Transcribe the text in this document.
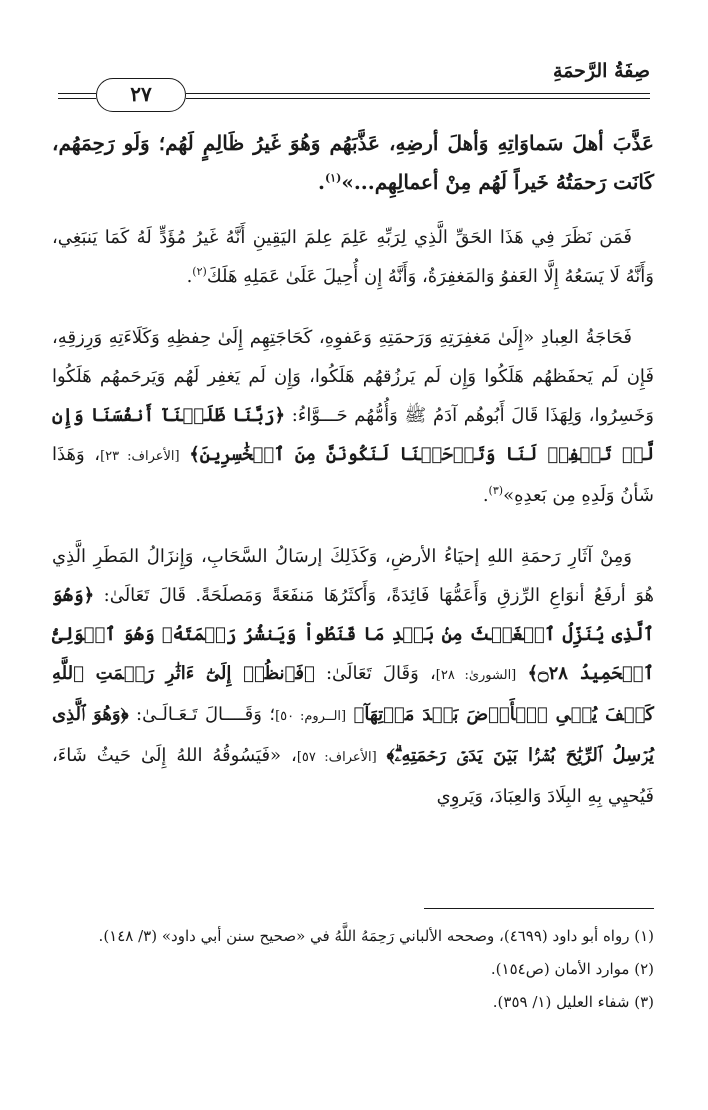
صِفَةُ الرَّحمَةِ
٢٧

عَذَّبَ أهلَ سَماوَاتِهِ وَأهلَ أرضِهِ، عَذَّبَهُم وَهُوَ غَيرُ ظَالِمٍ لَهُم؛ وَلَو رَحِمَهُم، كَانَت رَحمَتُهُ خَيراً لَهُم مِنْ أعمالِهِم...»$^{(١)}$.

فَمَن نَظَرَ فِي هَذَا الحَقِّ الَّذِي لِرَبِّهِ عَلِمَ عِلمَ اليَقِينِ أَنَّهُ غَيرُ مُؤَدٍّ لَهُ كَمَا يَنبَغِي، وَأَنَّهُ لَا يَسَعُهُ إِلَّا العَفوُ وَالمَغفِرَةُ، وَأَنَّهُ إِن أُحِيلَ عَلَىٰ عَمَلِهِ هَلَكَ$^{(٢)}$.

فَحَاجَةُ العِبادِ «إِلَىٰ مَغفِرَتِهِ وَرَحمَتِهِ وَعَفوِهِ، كَحَاجَتِهِم إِلَىٰ حِفظِهِ وَكَلَاءَتِهِ وَرِزقِهِ، فَإِن لَم يَحفَظهُم هَلَكُوا وَإِن لَم يَرزُقهُم هَلَكُوا، وَإِن لَم يَغفِر لَهُم وَيَرحَمهُم هَلَكُوا وَخَسِرُوا، وَلِهَذَا قَالَ أَبُوهُم آدَمُ ﷺ وَأُمُّهُم حَـــوَّاءُ: ﴿رَبَّنَا ظَلَمۡنَآ أَنفُسَنَا وَإِن لَّمۡ تَغۡفِرۡ لَنَا وَتَرۡحَمۡنَا لَنَكُونَنَّ مِنَ ٱلۡخَٰسِرِينَ﴾ [الأعراف: ٢٣]، وَهَذَا شَأنُ وَلَدِهِ مِن بَعدِهِ»$^{(٣)}$.

وَمِنْ آثَارِ رَحمَةِ اللهِ إحيَاءُ الأرضِ، وَكَذَلِكَ إرسَالُ السَّحَابِ، وَإِنزَالُ المَطَرِ الَّذِي هُوَ أرفَعُ أنوَاعِ الرِّزقِ وَأَعَمُّهَا فَائِدَةً، وَأَكثَرُهَا مَنفَعَةً وَمَصلَحَةً. قَالَ تَعَالَىٰ: ﴿وَهُوَ ٱلَّذِى يُنَزِّلُ ٱلۡغَيۡثَ مِنۢ بَعۡدِ مَا قَنَطُواْ وَيَنشُرُ رَحۡمَتَهُۥ وَهُوَ ٱلۡوَلِىُّ ٱلۡحَمِيدُ ۝٢٨﴾ [الشورىٰ: ٢٨]، وَقَالَ تَعَالَىٰ: ﴿فَٱنظُرۡ إِلَىٰٓ ءَاثَٰرِ رَحۡمَتِ ٱللَّهِ كَيۡفَ يُحۡىِ ٱلۡأَرۡضَ بَعۡدَ مَوۡتِهَآ﴾ [الــروم: ٥٠]؛ وَقَــــالَ تَـعَـالَـىٰ: ﴿وَهُوَ ٱلَّذِى يُرۡسِلُ ٱلرِّيَٰحَ بُشۡرَۢا بَيۡنَ يَدَىۡ رَحۡمَتِهِۦۗ﴾ [الأعراف: ٥٧]، «فَيَسُوقُهُ اللهُ إِلَىٰ حَيثُ شَاءَ، فَيُحيِي بِهِ البِلَادَ وَالعِبَادَ، وَيَروِي

(١) رواه أبو داود (٤٦٩٩)، وصححه الألباني رَحِمَهُ اللَّهُ في «صحيح سنن أبي داود» (٣/ ١٤٨).

(٢) موارد الأمان (ص١٥٤).

(٣) شفاء العليل (١/ ٣٥٩).
